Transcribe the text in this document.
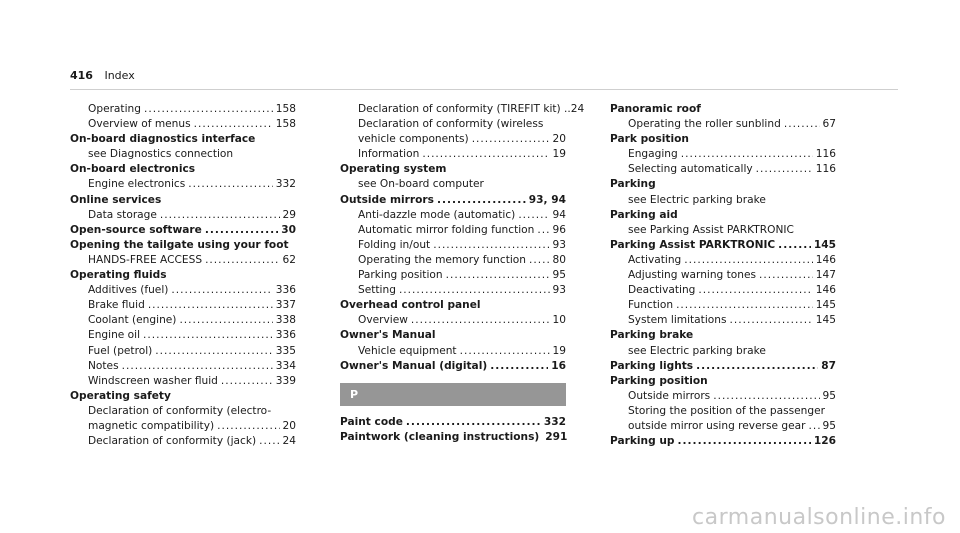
416 Index
Operating .....	158
Overview of menus .....	158
On-board diagnostics interface
see Diagnostics connection
On-board electronics
Engine electronics .....	332
Online services
Data storage .....	29
Open-source software .....	30
Opening the tailgate using your foot
HANDS-FREE ACCESS .....	62
Operating fluids
Additives (fuel) .....	336
Brake fluid .....	337
Coolant (engine) .....	338
Engine oil .....	336
Fuel (petrol) .....	335
Notes .....	334
Windscreen washer fluid .....	339
Operating safety
Declaration of conformity (electro-
magnetic compatibility) .....	20
Declaration of conformity (jack) ..... 24
Declaration of conformity (TIREFIT kit) .. 24
Declaration of conformity (wireless
vehicle components) .....	20
Information .....	19
Operating system
see On-board computer
Outside mirrors .....	93, 94
Anti-dazzle mode (automatic) .....	94
Automatic mirror folding function ..... 96
Folding in/out .....	93
Operating the memory function .....	80
Parking position .....	95
Setting .....	93
Overhead control panel
Overview .....	10
Owner's Manual
Vehicle equipment .....	19
Owner's Manual (digital) .....	16
P
Paint code .....	332
Paintwork (cleaning instructions) 291
Panoramic roof
Operating the roller sunblind .....	67
Park position
Engaging .....	116
Selecting automatically .....	116
Parking
see Electric parking brake
Parking aid
see Parking Assist PARKTRONIC
Parking Assist PARKTRONIC .....	145
Activating .....	146
Adjusting warning tones .....	147
Deactivating .....	146
Function .....	145
System limitations .....	145
Parking brake
see Electric parking brake
Parking lights .....	87
Parking position
Outside mirrors .....	95
Storing the position of the passenger
outside mirror using reverse gear ..... 95
Parking up .....	126
carmanualsonline.info
